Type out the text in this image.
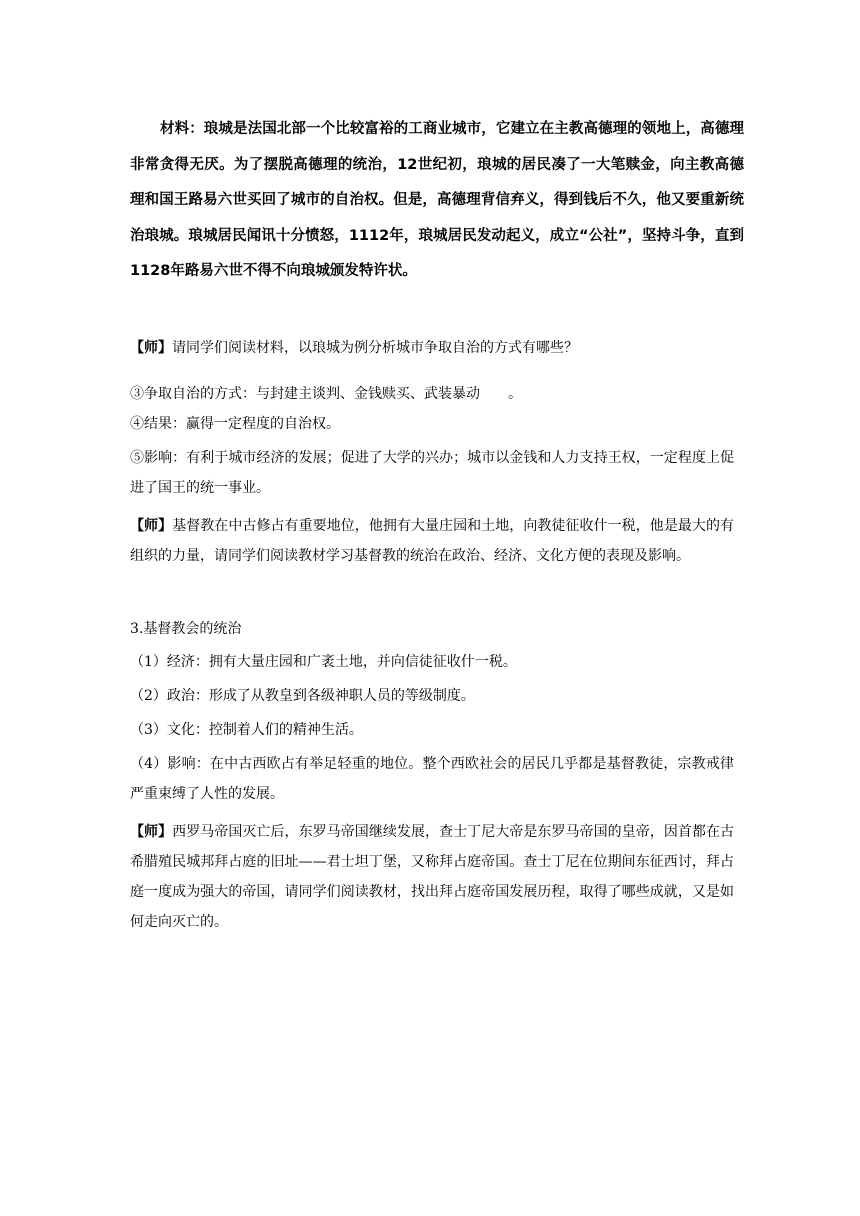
材料：琅城是法国北部一个比较富裕的工商业城市，它建立在主教高德理的领地上，高德理非常贪得无厌。为了摆脱高德理的统治，12世纪初，琅城的居民凑了一大笔赎金，向主教高德理和国王路易六世买回了城市的自治权。但是，高德理背信弃义，得到钱后不久，他又要重新统治琅城。琅城居民闻讯十分愤怒，1112年，琅城居民发动起义，成立“公社”，坚持斗争，直到1128年路易六世不得不向琅城颁发特许状。

【师】请同学们阅读材料，以琅城为例分析城市争取自治的方式有哪些？

③争取自治的方式：与封建主谈判、金钱赎买、武装暴动　　。

④结果：赢得一定程度的自治权。

⑤影响：有利于城市经济的发展；促进了大学的兴办；城市以金钱和人力支持王权，一定程度上促进了国王的统一事业。

【师】基督教在中古修占有重要地位，他拥有大量庄园和土地，向教徒征收什一税，他是最大的有组织的力量，请同学们阅读教材学习基督教的统治在政治、经济、文化方便的表现及影响。

3.基督教会的统治

（1）经济：拥有大量庄园和广袤土地，并向信徒征收什一税。

（2）政治：形成了从教皇到各级神职人员的等级制度。

（3）文化：控制着人们的精神生活。

（4）影响：在中古西欧占有举足轻重的地位。整个西欧社会的居民几乎都是基督教徒，宗教戒律严重束缚了人性的发展。

【师】西罗马帝国灭亡后，东罗马帝国继续发展，查士丁尼大帝是东罗马帝国的皇帝，因首都在古希腊殖民城邦拜占庭的旧址——君士坦丁堡，又称拜占庭帝国。查士丁尼在位期间东征西讨，拜占庭一度成为强大的帝国，请同学们阅读教材，找出拜占庭帝国发展历程，取得了哪些成就，又是如何走向灭亡的。
